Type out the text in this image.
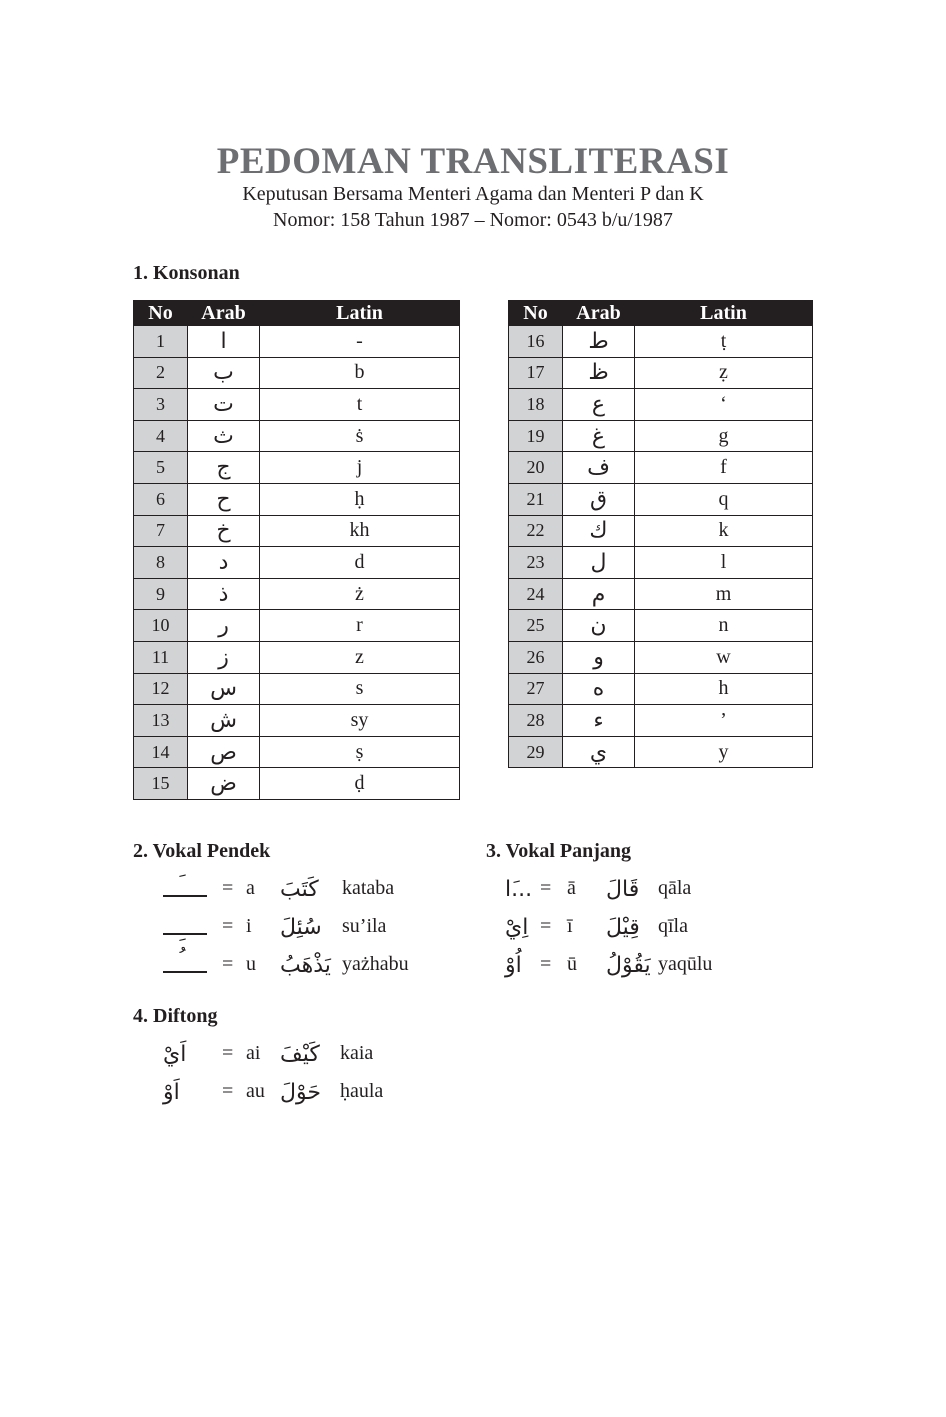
PEDOMAN TRANSLITERASI
Keputusan Bersama Menteri Agama dan Menteri P dan K
Nomor: 158 Tahun 1987 – Nomor: 0543 b/u/1987
1. Konsonan
No	Arab	Latin
1	ا	-
2	ب	b
3	ت	t
4	ث	ṡ
5	ج	j
6	ح	ḥ
7	خ	kh
8	د	d
9	ذ	ż
10	ر	r
11	ز	z
12	س	s
13	ش	sy
14	ص	ṣ
15	ض	ḍ
No	Arab	Latin
16	ط	ṭ
17	ظ	ẓ
18	ع	‘
19	غ	g
20	ف	f
21	ق	q
22	ك	k
23	ل	l
24	م	m
25	ن	n
26	و	w
27	ه	h
28	ء	’
29	ي	y
2. Vokal Pendek	3. Vokal Panjang
4. Diftong
= a كَتَبَ kataba
= i سُئِلَ su’ila
= u يَذْهَبُ yażhabu
...َا = ā قَالَ qāla
اِيْ = ī قِيْلَ qīla
اُوْ = ū يَقُوْلُ yaqūlu
اَيْ = ai كَيْفَ kaia
اَوْ = au حَوْلَ ḥaula
